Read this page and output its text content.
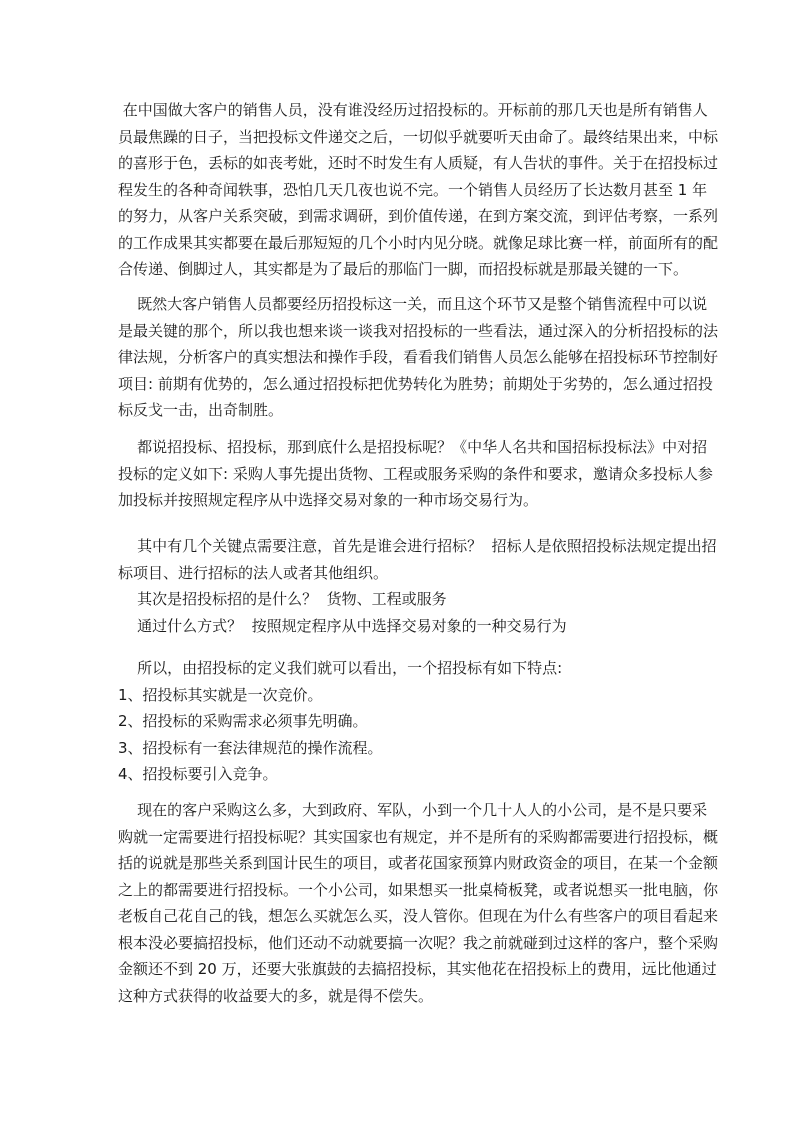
在中国做大客户的销售人员，没有谁没经历过招投标的。开标前的那几天也是所有销售人
员最焦躁的日子，当把投标文件递交之后，一切似乎就要听天由命了。最终结果出来，中标
的喜形于色，丢标的如丧考妣，还时不时发生有人质疑，有人告状的事件。关于在招投标过
程发生的各种奇闻轶事，恐怕几天几夜也说不完。一个销售人员经历了长达数月甚至 1 年
的努力，从客户关系突破，到需求调研，到价值传递，在到方案交流，到评估考察，一系列
的工作成果其实都要在最后那短短的几个小时内见分晓。就像足球比赛一样，前面所有的配
合传递、倒脚过人，其实都是为了最后的那临门一脚，而招投标就是那最关键的一下。
既然大客户销售人员都要经历招投标这一关，而且这个环节又是整个销售流程中可以说
是最关键的那个，所以我也想来谈一谈我对招投标的一些看法，通过深入的分析招投标的法
律法规，分析客户的真实想法和操作手段，看看我们销售人员怎么能够在招投标环节控制好
项目: 前期有优势的，怎么通过招投标把优势转化为胜势；前期处于劣势的，怎么通过招投
标反戈一击，出奇制胜。
都说招投标、招投标，那到底什么是招投标呢？《中华人名共和国招标投标法》中对招
投标的定义如下: 采购人事先提出货物、工程或服务采购的条件和要求，邀请众多投标人参
加投标并按照规定程序从中选择交易对象的一种市场交易行为。
其中有几个关键点需要注意，首先是谁会进行招标？  招标人是依照招投标法规定提出招
标项目、进行招标的法人或者其他组织。
其次是招投标招的是什么？  货物、工程或服务
通过什么方式？  按照规定程序从中选择交易对象的一种交易行为
所以，由招投标的定义我们就可以看出，一个招投标有如下特点:
1、招投标其实就是一次竞价。
2、招投标的采购需求必须事先明确。
3、招投标有一套法律规范的操作流程。
4、招投标要引入竞争。
现在的客户采购这么多，大到政府、军队，小到一个几十人人的小公司，是不是只要采
购就一定需要进行招投标呢？其实国家也有规定，并不是所有的采购都需要进行招投标，概
括的说就是那些关系到国计民生的项目，或者花国家预算内财政资金的项目，在某一个金额
之上的都需要进行招投标。一个小公司，如果想买一批桌椅板凳，或者说想买一批电脑，你
老板自己花自己的钱，想怎么买就怎么买，没人管你。但现在为什么有些客户的项目看起来
根本没必要搞招投标，他们还动不动就要搞一次呢？我之前就碰到过这样的客户，整个采购
金额还不到 20 万，还要大张旗鼓的去搞招投标，其实他花在招投标上的费用，远比他通过
这种方式获得的收益要大的多，就是得不偿失。
